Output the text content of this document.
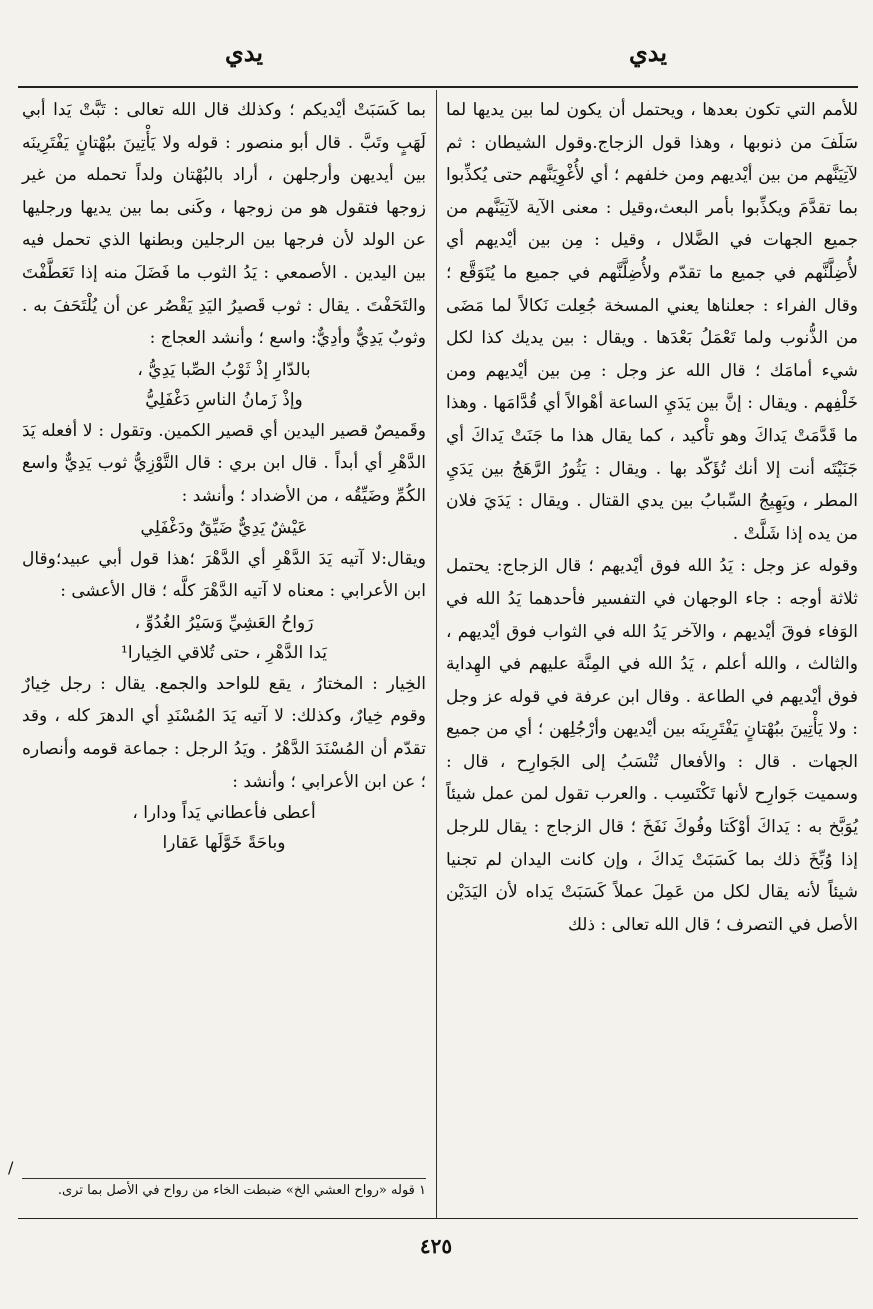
يدي
يدي

للأمم التي تكون بعدها ، ويحتمل أن يكون لما بين يديها لما سَلَفَ من ذنوبها ، وهذا قول الزجاج.وقول الشيطان : ثم لآتِيَنَّهم من بين أيْديهم ومن خلفهم ؛ أي لأُغْوِيَنَّهم حتى يُكذِّبوا بما تقدَّمَ ويكذِّبوا بأمر البعث،وقيل : معنى الآية لآتِيَنَّهم من جميع الجهات في الضَّلال ، وقيل : مِن بين أيْديهم أي لأُضِلَّنَّهم في جميع ما تقدّم ولأُضِلَّنَّهم في جميع ما يُتَوَقَّع ؛ وقال الفراء : جعلناها يعني المسخة جُعِلت نَكالاً لما مَضَى من الذُّنوب ولما تَعْمَلُ بَعْدَها . ويقال : بين يديك كذا لكل شيء أمامَك ؛ قال الله عز وجل : مِن بين أيْديهم ومن خَلْفِهم . ويقال : إنَّ بين يَدَيِ الساعة أهْوالاً أي قُدَّامَها . وهذا ما قَدَّمَتْ يَداكَ وهو تأْكيد ، كما يقال هذا ما جَنَتْ يَداكَ أي جَنَيْتَه أنت إلا أنك تُؤَكّد بها . ويقال : يَثُورُ الرَّهَجُ بين يَدَيِ المطر ، ويَهِيجُ السِّبابُ بين يدي القتال . ويقال : يَدَيَ فلان من يده إذا شَلَّتْ .

وقوله عز وجل : يَدُ الله فوق أيْديهم ؛ قال الزجاج: يحتمل ثلاثة أوجه : جاء الوجهان في التفسير فأحدهما يَدُ الله في الوَفاء فوقَ أيْديهم ، والآخر يَدُ الله في الثواب فوق أيْديهم ، والثالث ، والله أعلم ، يَدُ الله في المِنَّة عليهم في الهِداية فوق أيْديهم في الطاعة . وقال ابن عرفة في قوله عز وجل : ولا يَأْتِينَ ببُهْتانٍ يَفْتَرِينَه بين أيْديهن وأرْجُلِهن ؛ أي من جميع الجهات . قال : والأفعال تُنْسَبُ إلى الجَوارِح ، قال : وسميت جَوارِح لأنها تَكْتَسِب . والعرب تقول لمن عمل شيئاً يُوَبَّخ به : يَداكَ أوْكَتا وفُوكَ نَفَخَ ؛ قال الزجاج : يقال للرجل إذا وُبِّخَ ذلك بما كَسَبَتْ يَداكَ ، وإن كانت اليدان لم تجنيا شيئاً لأنه يقال لكل من عَمِلَ عملاً كَسَبَتْ يَداه لأن اليَدَيْن الأصل في التصرف ؛ قال الله تعالى : ذلك

بما كَسَبَتْ أيْديكم ؛ وكذلك قال الله تعالى : تَبَّتْ يَدا أبي لَهَبٍ وتَبَّ . قال أبو منصور : قوله ولا يَأْتِينَ ببُهْتانٍ يَفْتَرِينَه بين أيديهن وأرجلهن ، أراد بالبُهْتان ولداً تحمله من غير زوجها فتقول هو من زوجها ، وكَنى بما بين يديها ورجليها عن الولد لأن فرجها بين الرجلين وبطنها الذي تحمل فيه بين اليدين . الأصمعي : يَدُ الثوب ما فَضَلَ منه إذا تَعَطَّفْتَ والتَحَفْتَ . يقال : ثوب قَصيرُ اليَدِ يَقْصُر عن أن يُلْتَحَفَ به . وثوبٌ يَدِيٌّ وأدِيٌّ: واسع ؛ وأنشد العجاج :

بالدّارِ إذْ ثَوْبُ الصِّبا يَدِيُّ ،

وإذْ زَمانُ الناسِ دَغْفَلِيُّ

وقَميصٌ قصير اليدين أي قصير الكمين. وتقول : لا أفعله يَدَ الدَّهْرِ أي أبداً . قال ابن بري : قال التَّوْزِيُّ ثوب يَدِيٌّ واسع الكُمِّ وضَيِّقُه ، من الأضداد ؛ وأنشد :

عَيْشٌ يَدِيٌّ ضَيِّقٌ ودَغْفَلِي

ويقال:لا آتيه يَدَ الدَّهْرِ أي الدَّهْرَ ؛هذا قول أبي عبيد؛وقال ابن الأعرابي : معناه لا آتيه الدَّهْرَ كلَّه ؛ قال الأعشى :

رَواحُ العَشِيِّ وَسَيْرُ الغُدُوِّ ،

يَدا الدَّهْرِ ، حتى تُلاقي الخِيارا¹

الخِيار : المختارُ ، يقع للواحد والجمع. يقال : رجل خِيارٌ وقوم خِيارٌ، وكذلك: لا آتيه يَدَ المُسْنَدِ أي الدهرَ كله ، وقد تقدّم أن المُسْنَدَ الدَّهْرُ . ويَدُ الرجل : جماعة قومه وأنصاره ؛ عن ابن الأعرابي ؛ وأنشد :

أعطى فأعطاني يَداً ودارا ،

وباحَةً خَوَّلَها عَقارا

١ قوله «رواح العشي الخ» ضبطت الخاء من رواح في الأصل بما ترى.
/
٤٢٥
